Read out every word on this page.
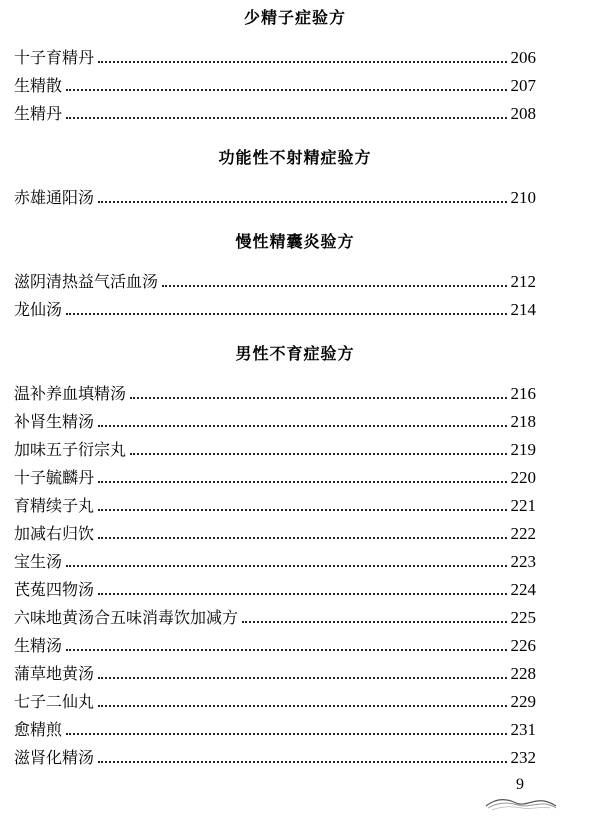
少精子症验方
十子育精丹	206
生精散	207
生精丹	208
功能性不射精症验方
赤雄通阳汤	210
慢性精囊炎验方
滋阴清热益气活血汤	212
龙仙汤	214
男性不育症验方
温补养血填精汤	216
补肾生精汤	218
加味五子衍宗丸	219
十子毓麟丹	220
育精续子丸	221
加减右归饮	222
宝生汤	223
芪菟四物汤	224
六味地黄汤合五味消毒饮加减方	225
生精汤	226
蒲草地黄汤	228
七子二仙丸	229
愈精煎	231
滋肾化精汤	232
9
